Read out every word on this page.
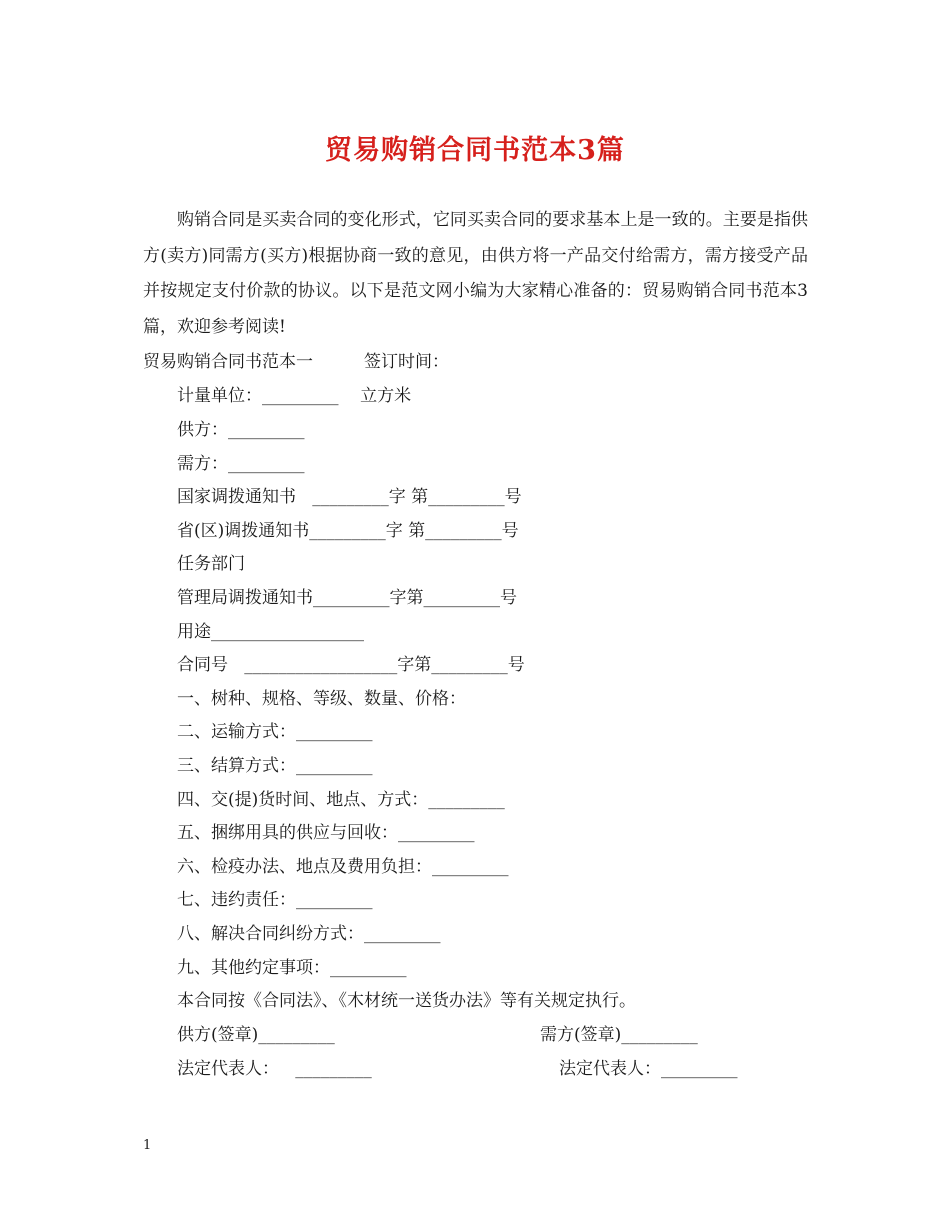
贸易购销合同书范本3篇
购销合同是买卖合同的变化形式，它同买卖合同的要求基本上是一致的。主要是指供方(卖方)同需方(买方)根据协商一致的意见，由供方将一产品交付给需方，需方接受产品并按规定支付价款的协议。以下是范文网小编为大家精心准备的：贸易购销合同书范本3篇，欢迎参考阅读!
贸易购销合同书范本一	签订时间：
计量单位：_________    立方米
供方：_________
需方：_________
国家调拨通知书   _________字 第_________号
省(区)调拨通知书_________字 第_________号
任务部门
管理局调拨通知书_________字第_________号
用途__________________
合同号   __________________字第_________号
一、树种、规格、等级、数量、价格：
二、运输方式：_________
三、结算方式：_________
四、交(提)货时间、地点、方式：_________
五、捆绑用具的供应与回收：_________
六、检疫办法、地点及费用负担：_________
七、违约责任：_________
八、解决合同纠纷方式：_________
九、其他约定事项：_________
本合同按《合同法》、《木材统一送货办法》等有关规定执行。
供方(签章)_________	需方(签章)_________
法定代表人：   _________	法定代表人：_________
1
